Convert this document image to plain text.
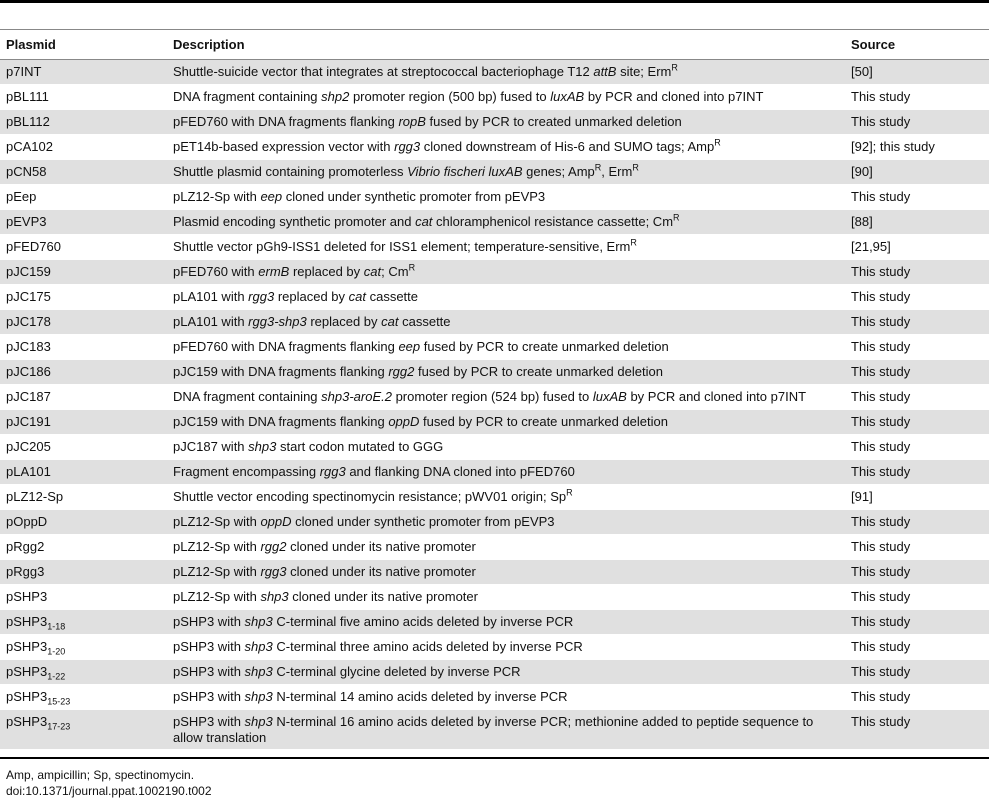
Plasmid	Description	Source
p7INT	Shuttle-suicide vector that integrates at streptococcal bacteriophage T12 attB site; Erm$^R$	[50]
pBL111	DNA fragment containing shp2 promoter region (500 bp) fused to luxAB by PCR and cloned into p7INT	This study
pBL112	pFED760 with DNA fragments flanking ropB fused by PCR to created unmarked deletion	This study
pCA102	pET14b-based expression vector with rgg3 cloned downstream of His-6 and SUMO tags; Amp$^R$	[92]; this study
pCN58	Shuttle plasmid containing promoterless Vibrio fischeri luxAB genes; Amp$^R$, Erm$^R$	[90]
pEep	pLZ12-Sp with eep cloned under synthetic promoter from pEVP3	This study
pEVP3	Plasmid encoding synthetic promoter and cat chloramphenicol resistance cassette; $Cm^R$	[88]
pFED760	Shuttle vector pGh9-ISS1 deleted for ISS1 element; temperature-sensitive, Erm$^R$	[21,95]
pJC159	pFED760 with ermB replaced by cat; $Cm^R$	This study
pJC175	pLA101 with rgg3 replaced by cat cassette	This study
pJC178	pLA101 with rgg3-shp3 replaced by cat cassette	This study
pJC183	pFED760 with DNA fragments flanking eep fused by PCR to create unmarked deletion	This study
pJC186	pJC159 with DNA fragments flanking rgg2 fused by PCR to create unmarked deletion	This study
pJC187	DNA fragment containing shp3-aroE.2 promoter region (524 bp) fused to luxAB by PCR and cloned into p7INT	This study
pJC191	pJC159 with DNA fragments flanking oppD fused by PCR to create unmarked deletion	This study
pJC205	pJC187 with shp3 start codon mutated to GGG	This study
pLA101	Fragment encompassing rgg3 and flanking DNA cloned into pFED760	This study
pLZ12-Sp	Shuttle vector encoding spectinomycin resistance; pWV01 origin; $Sp^R$	[91]
pOppD	pLZ12-Sp with oppD cloned under synthetic promoter from pEVP3	This study
pRgg2	pLZ12-Sp with rgg2 cloned under its native promoter	This study
pRgg3	pLZ12-Sp with rgg3 cloned under its native promoter	This study
pSHP3	pLZ12-Sp with shp3 cloned under its native promoter	This study
$pSHP3_{1-18}$	pSHP3 with shp3 C-terminal five amino acids deleted by inverse PCR	This study
$pSHP3_{1-20}$	pSHP3 with shp3 C-terminal three amino acids deleted by inverse PCR	This study
$pSHP3_{1-22}$	pSHP3 with shp3 C-terminal glycine deleted by inverse PCR	This study
$pSHP3_{15-23}$	pSHP3 with shp3 N-terminal 14 amino acids deleted by inverse PCR	This study
$pSHP3_{17-23}$	pSHP3 with shp3 N-terminal 16 amino acids deleted by inverse PCR; methionine added to peptide sequence to allow translation	This study
Amp, ampicillin; Sp, spectinomycin.
doi:10.1371/journal.ppat.1002190.t002
